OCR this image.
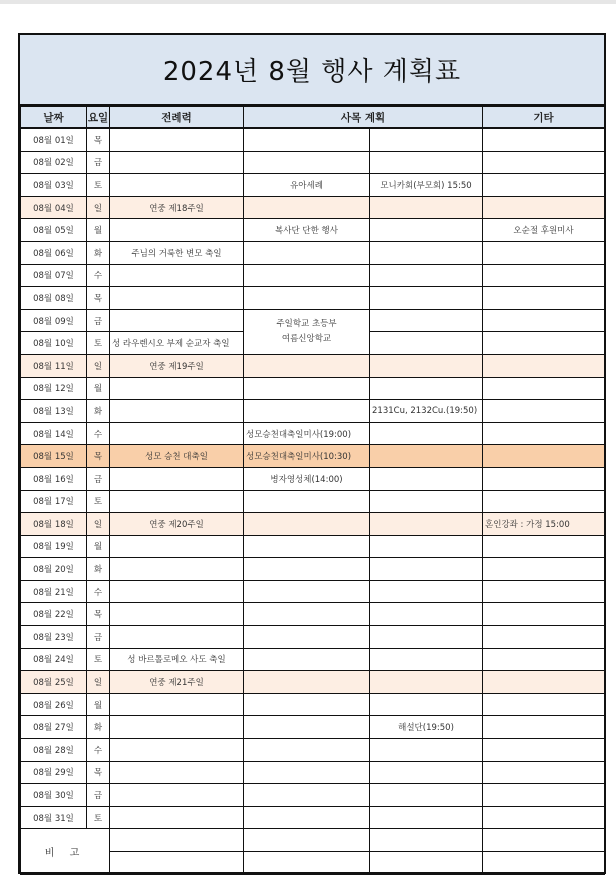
2024년 8월 행사 계획표
날짜	요일	전례력	사목 계획		기타
08월 01일	목				
08월 02일	금				
08월 03일	토		유아세례	모니카회(부모회) 15:50	
08월 04일	일	연중 제18주일			
08월 05일	월		복사단 단한 행사		오순절 후원미사
08월 06일	화	주님의 거룩한 변모 축일			
08월 07일	수				
08월 08일	목				
08월 09일	금		주일학교 초등부
여름신앙학교		

08월 10일	토	성 라우렌시오 부제 순교자 축일			
08월 11일	일	연중 제19주일			
08월 12일	월				
08월 13일	화			2131Cu, 2132Cu.(19:50)	
08월 14일	수		성모승천대축일미사(19:00)		
08월 15일	목	성모 승천 대축일	성모승천대축일미사(10:30)		
08월 16일	금		병자영성체(14:00)		
08월 17일	토				
08월 18일	일	연중 제20주일			혼인강좌 : 가정 15:00
08월 19일	월				
08월 20일	화				
08월 21일	수				
08월 22일	목				
08월 23일	금				
08월 24일	토	성 바르톨로메오 사도 축일			
08월 25일	일	연중 제21주일			
08월 26일	월				
08월 27일	화			해설단(19:50)	
08월 28일	수				
08월 29일	목				
08월 30일	금				
08월 31일	토				
비 고					
